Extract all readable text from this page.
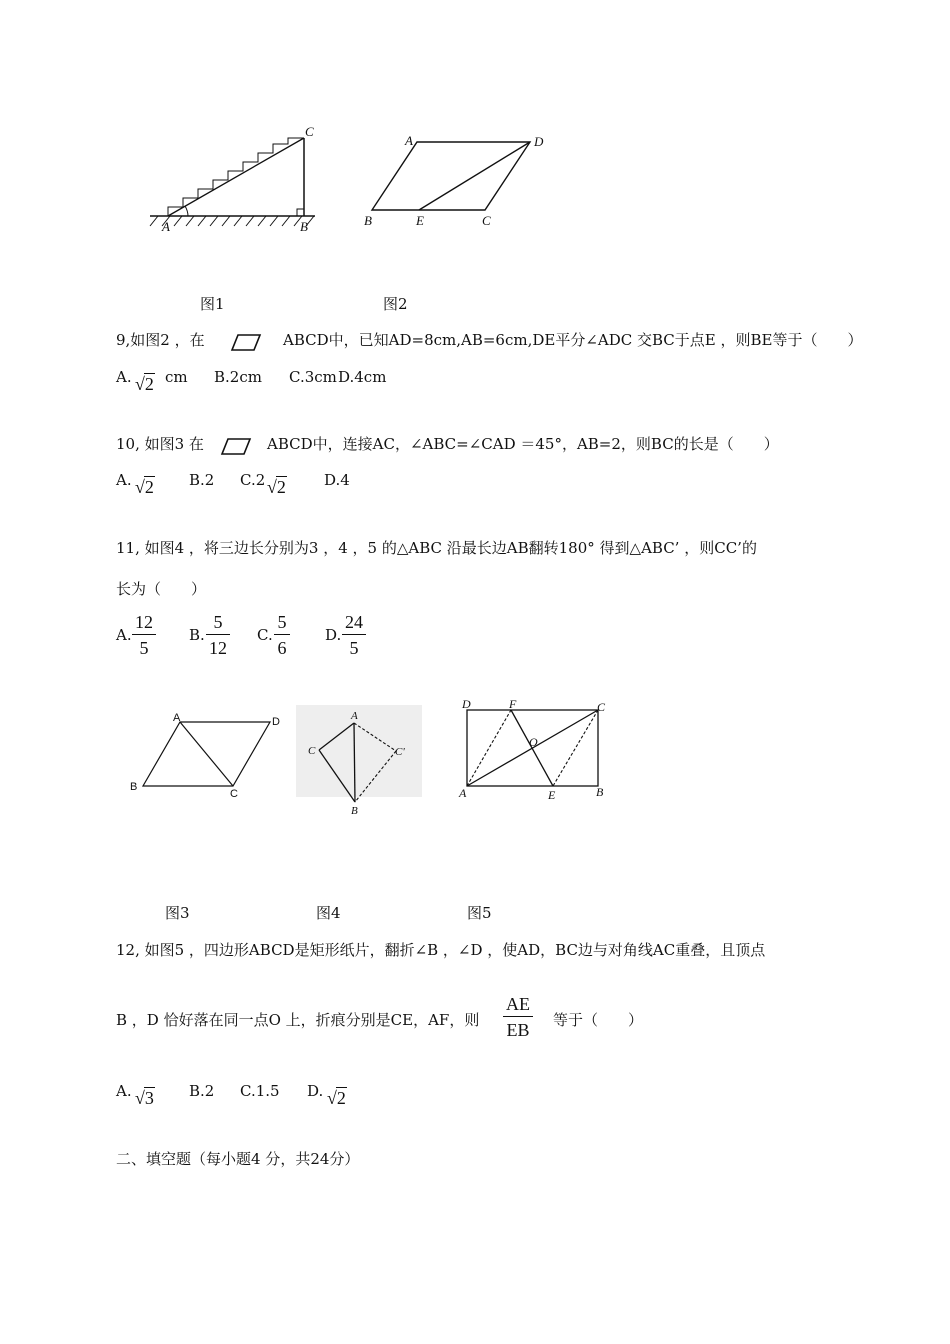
A	B
C
A	D
B	E	C
图1	图2
9,如图2 ，在	ABCD中，已知AD=8cm,AB=6cm,DE平分∠ADC 交BC于点E ，则BE等于（　　）
A. √2 cm B.2cm C.3cm D.4cm
10, 如图3 在	ABCD中，连接AC，∠ABC=∠CAD ＝45°，AB=2，则BC的长是（　　）
A. √2 B.2 C.2 √2	D.4
11, 如图4 ，将三边长分别为3 ，4 ，5 的△ABC 沿最长边AB翻转180° 得到△ABC’ ，则CC’的
长为（　　）
A. $\frac{12}{5} B$. $\frac{5}{12} C$. $\frac{5}{6} D$. $\frac{24}{5}$
A	D
B
C
A
C	C'
B
D	F	C
O
A	E	B
图3	图4	图5
12, 如图5 ，四边形ABCD是矩形纸片，翻折∠B ，∠D ，使AD，BC边与对角线AC重叠，且顶点
B ，D 恰好落在同一点O 上，折痕分别是CE，AF，则 $\frac{AE}{EB}$ 等于（　　）
A. √3 B.2 C.1.5 D. √2
二、填空题（每小题4 分，共24分）
